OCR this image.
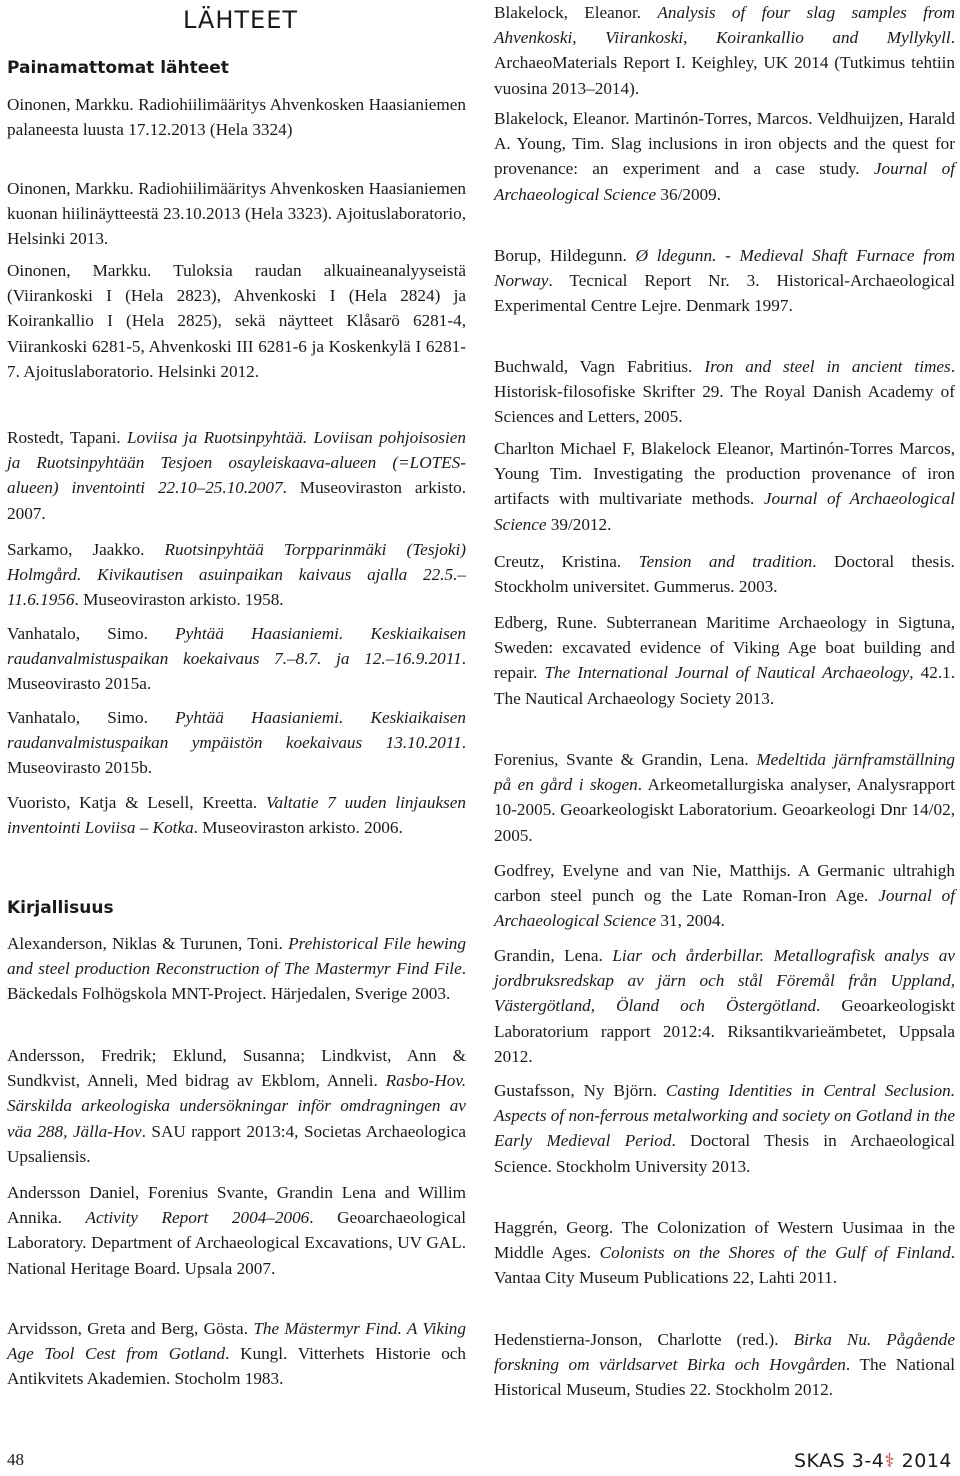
LÄHTEET
Painamattomat lähteet
Kirjallisuus

Oinonen, Markku. Radiohiilimääritys Ahvenkosken Haasianiemen palaneesta luusta 17.12.2013 (Hela 3324)

Oinonen, Markku. Radiohiilimääritys Ahvenkosken Haasianiemen kuonan hiilinäytteestä 23.10.2013 (Hela 3323). Ajoituslaboratorio, Helsinki 2013.

Oinonen, Markku. Tuloksia raudan alkuaineanalyyseistä (Viirankoski I (Hela 2823), Ahvenkoski I (Hela 2824) ja Koirankallio I (Hela 2825), sekä näytteet Klåsarö 6281-4, Viirankoski 6281-5, Ahvenkoski III 6281-6 ja Koskenkylä I 6281-7. Ajoituslaboratorio. Helsinki 2012.

Rostedt, Tapani. Loviisa ja Ruotsinpyhtää. Loviisan pohjoisosien ja Ruotsinpyhtään Tesjoen osayleiskaava-alueen (=LOTES-alueen) inventointi 22.10–25.10.2007. Museoviraston arkisto. 2007.

Sarkamo, Jaakko. Ruotsinpyhtää Torpparinmäki (Tesjoki) Holmgård. Kivikautisen asuinpaikan kaivaus ajalla 22.5.–11.6.1956. Museoviraston arkisto. 1958.

Vanhatalo, Simo. Pyhtää Haasianiemi. Keskiaikaisen raudanvalmistuspaikan koekaivaus 7.–8.7. ja 12.–16.9.2011. Museovirasto 2015a.

Vanhatalo, Simo. Pyhtää Haasianiemi. Keskiaikaisen raudanvalmistuspaikan ympäistön koekaivaus 13.10.2011. Museovirasto 2015b.

Vuoristo, Katja & Lesell, Kreetta. Valtatie 7 uuden linjauksen inventointi Loviisa – Kotka. Museoviraston arkisto. 2006.

Alexanderson, Niklas & Turunen, Toni. Prehistorical File hewing and steel production Reconstruction of The Mastermyr Find File. Bäckedals Folhögskola MNT-Project. Härjedalen, Sverige 2003.

Andersson, Fredrik; Eklund, Susanna; Lindkvist, Ann & Sundkvist, Anneli, Med bidrag av Ekblom, Anneli. Rasbo-Hov. Särskilda arkeologiska undersökningar inför omdragningen av väa 288, Jälla-Hov. SAU rapport 2013:4, Societas Archaeologica Upsaliensis.

Andersson Daniel, Forenius Svante, Grandin Lena and Willim Annika. Activity Report 2004–2006. Geoarchaeological Laboratory. Department of Archaeological Excavations, UV GAL. National Heritage Board. Upsala 2007.

Arvidsson, Greta and Berg, Gösta. The Mästermyr Find. A Viking Age Tool Cest from Gotland. Kungl. Vitterhets Historie och Antikvitets Akademien. Stocholm 1983.

Blakelock, Eleanor. Analysis of four slag samples from Ahvenkoski, Viirankoski, Koirankallio and Myllykyll. ArchaeoMaterials Report I. Keighley, UK 2014 (Tutkimus tehtiin vuosina 2013–2014).

Blakelock, Eleanor. Martinón-Torres, Marcos. Veldhuijzen, Harald A. Young, Tim. Slag inclusions in iron objects and the quest for provenance: an experiment and a case study. Journal of Archaeological Science 36/2009.

Borup, Hildegunn. Ø ldegunn. - Medieval Shaft Furnace from Norway. Tecnical Report Nr. 3. Historical-Archaeological Experimental Centre Lejre. Denmark 1997.

Buchwald, Vagn Fabritius. Iron and steel in ancient times. Historisk-filosofiske Skrifter 29. The Royal Danish Academy of Sciences and Letters, 2005.

Charlton Michael F, Blakelock Eleanor, Martinón-Torres Marcos, Young Tim. Investigating the production provenance of iron artifacts with multivariate methods. Journal of Archaeological Science 39/2012.

Creutz, Kristina. Tension and tradition. Doctoral thesis. Stockholm universitet. Gummerus. 2003.

Edberg, Rune. Subterranean Maritime Archaeology in Sigtuna, Sweden: excavated evidence of Viking Age boat building and repair. The International Journal of Nautical Archaeology, 42.1. The Nautical Archaeology Society 2013.

Forenius, Svante & Grandin, Lena. Medeltida järnframställning på en gård i skogen. Arkeometallurgiska analyser, Analysrapport 10-2005. Geoarkeologiskt Laboratorium. Geoarkeologi Dnr 14/02, 2005.

Godfrey, Evelyne and van Nie, Matthijs. A Germanic ultrahigh carbon steel punch og the Late Roman-Iron Age. Journal of Archaeological Science 31, 2004.

Grandin, Lena. Liar och årderbillar. Metallografisk analys av jordbruksredskap av järn och stål Föremål från Uppland, Västergötland, Öland och Östergötland. Geoarkeologiskt Laboratorium rapport 2012:4. Riksantikvarieämbetet, Uppsala 2012.

Gustafsson, Ny Björn. Casting Identities in Central Seclusion. Aspects of non-ferrous metalworking and society on Gotland in the Early Medieval Period. Doctoral Thesis in Archaeological Science. Stockholm University 2013.

Haggrén, Georg. The Colonization of Western Uusimaa in the Middle Ages. Colonists on the Shores of the Gulf of Finland. Vantaa City Museum Publications 22, Lahti 2011.

Hedenstierna-Jonson, Charlotte (red.). Birka Nu. Pågående forskning om världsarvet Birka och Hovgården. The National Historical Museum, Studies 22. Stockholm 2012.

48	SKAS 3-4⚕ 2014
